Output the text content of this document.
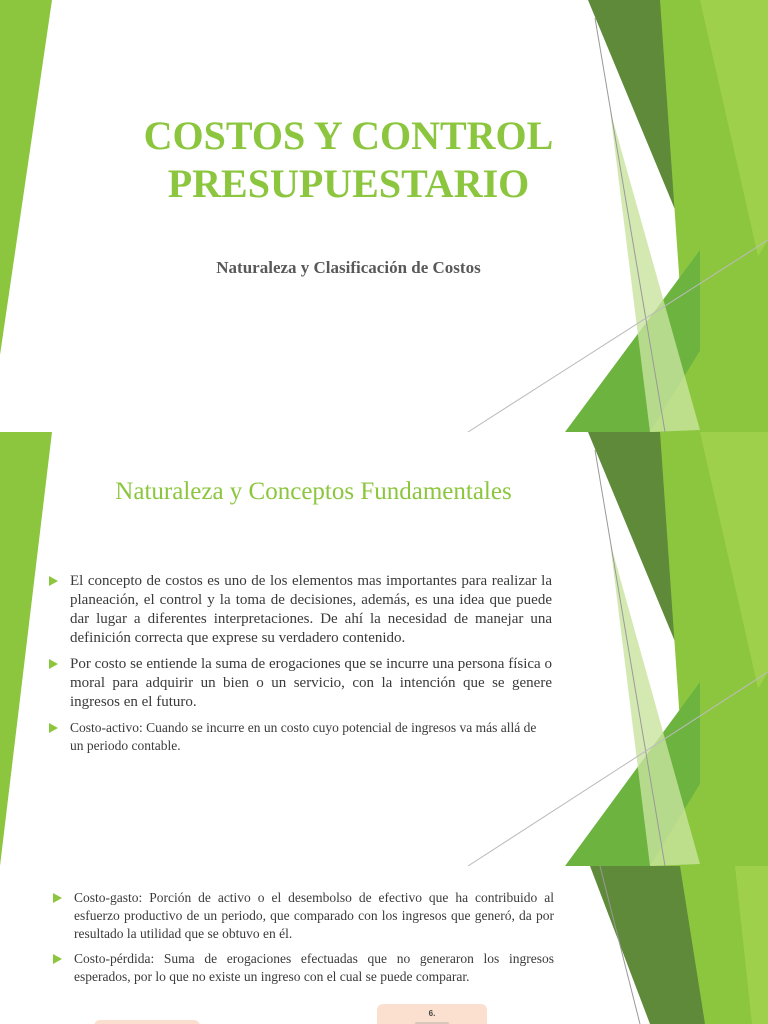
COSTOS Y CONTROL PRESUPUESTARIO

Naturaleza y Clasificación de Costos

Naturaleza y Conceptos Fundamentales
El concepto de costos es uno de los elementos mas importantes para realizar la planeación, el control y la toma de decisiones, además, es una idea que puede dar lugar a diferentes interpretaciones. De ahí la necesidad de manejar una definición correcta que exprese su verdadero contenido.
Por costo se entiende la suma de erogaciones que se incurre una persona física o moral para adquirir un bien o un servicio, con la intención que se genere ingresos en el futuro.
Costo-activo: Cuando se incurre en un costo cuyo potencial de ingresos va más allá de un periodo contable.
Costo-gasto: Porción de activo o el desembolso de efectivo que ha contribuido al esfuerzo productivo de un periodo, que comparado con los ingresos que generó, da por resultado la utilidad que se obtuvo en él.
Costo-pérdida: Suma de erogaciones efectuadas que no generaron los ingresos esperados, por lo que no existe un ingreso con el cual se puede comparar.
6.
